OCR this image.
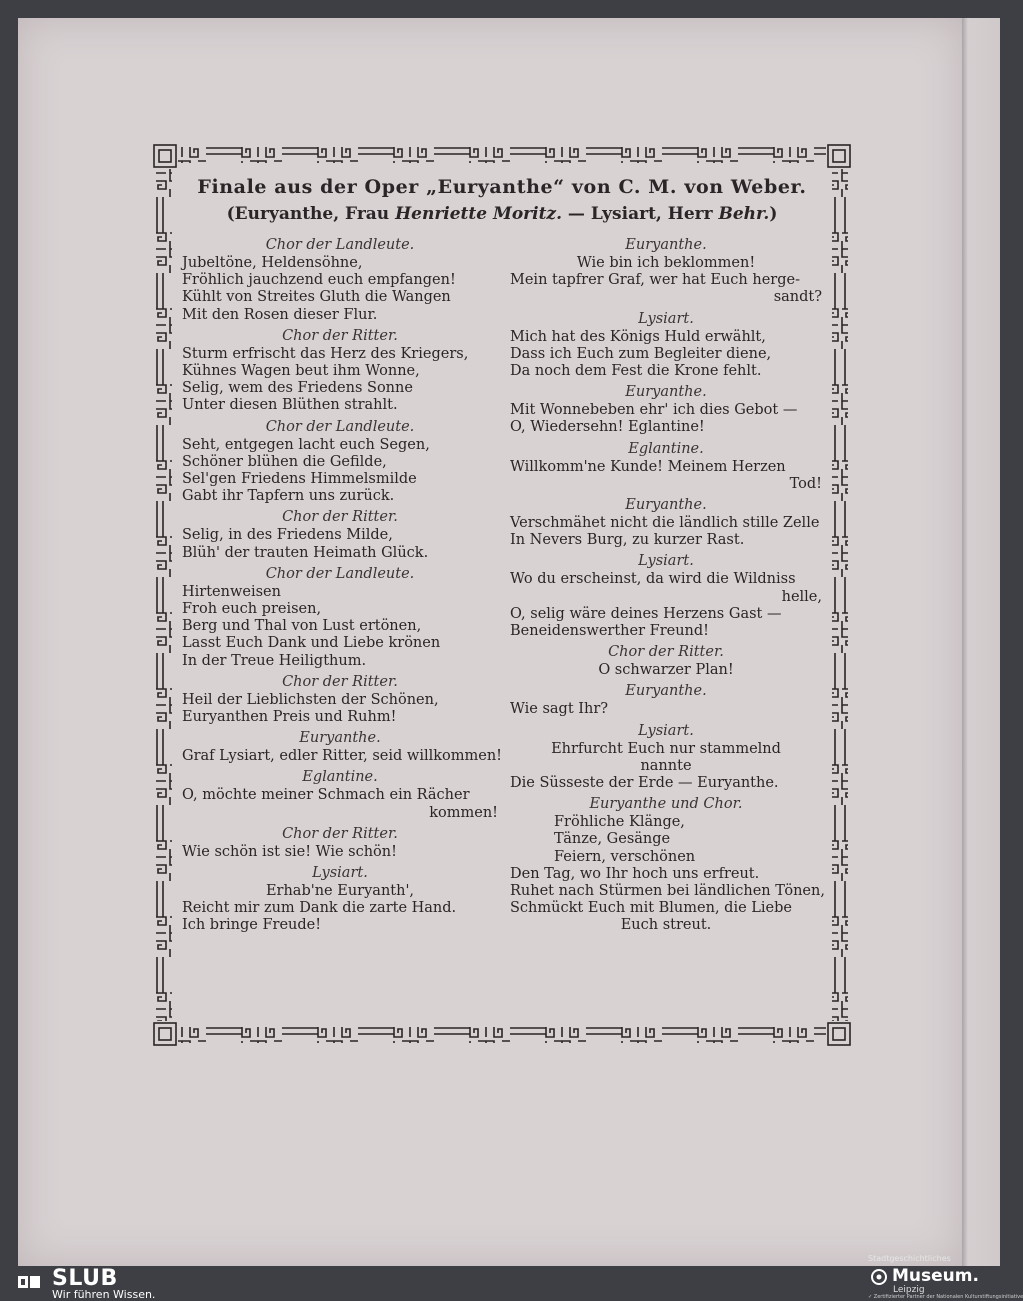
Finale aus der Oper „Euryanthe“ von C. M. von Weber.
(Euryanthe, Frau Henriette Moritz. — Lysiart, Herr Behr.)
Chor der Landleute.
Jubeltöne, Heldensöhne,
Fröhlich jauchzend euch empfangen!
Kühlt von Streites Gluth die Wangen
Mit den Rosen dieser Flur.
Chor der Ritter.
Sturm erfrischt das Herz des Kriegers,
Kühnes Wagen beut ihm Wonne,
Selig, wem des Friedens Sonne
Unter diesen Blüthen strahlt.
Chor der Landleute.
Seht, entgegen lacht euch Segen,
Schöner blühen die Gefilde,
Sel'gen Friedens Himmelsmilde
Gabt ihr Tapfern uns zurück.
Chor der Ritter.
Selig, in des Friedens Milde,
Blüh' der trauten Heimath Glück.
Chor der Landleute.
Hirtenweisen
Froh euch preisen,
Berg und Thal von Lust ertönen,
Lasst Euch Dank und Liebe krönen
In der Treue Heiligthum.
Chor der Ritter.
Heil der Lieblichsten der Schönen,
Euryanthen Preis und Ruhm!
Euryanthe.
Graf Lysiart, edler Ritter, seid willkommen!
Eglantine.
O, möchte meiner Schmach ein Rächer
kommen!
Chor der Ritter.
Wie schön ist sie! Wie schön!
Lysiart.
Erhab'ne Euryanth',
Reicht mir zum Dank die zarte Hand.
Ich bringe Freude!
Euryanthe.
Wie bin ich beklommen!
Mein tapfrer Graf, wer hat Euch herge-
sandt?
Lysiart.
Mich hat des Königs Huld erwählt,
Dass ich Euch zum Begleiter diene,
Da noch dem Fest die Krone fehlt.
Euryanthe.
Mit Wonnebeben ehr' ich dies Gebot —
O, Wiedersehn! Eglantine!
Eglantine.
Willkomm'ne Kunde! Meinem Herzen
Tod!
Euryanthe.
Verschmähet nicht die ländlich stille Zelle
In Nevers Burg, zu kurzer Rast.
Lysiart.
Wo du erscheinst, da wird die Wildniss
helle,
O, selig wäre deines Herzens Gast —
Beneidenswerther Freund!
Chor der Ritter.
O schwarzer Plan!
Euryanthe.
Wie sagt Ihr?
Lysiart.
Ehrfurcht Euch nur stammelnd
nannte
Die Süsseste der Erde — Euryanthe.
Euryanthe und Chor.
Fröhliche Klänge,
Tänze, Gesänge
Feiern, verschönen
Den Tag, wo Ihr hoch uns erfreut.
Ruhet nach Stürmen bei ländlichen Tönen,
Schmückt Euch mit Blumen, die Liebe
Euch streut.
SLUB
Wir führen Wissen.
Stadtgeschichtliches
Museum.
Leipzig
✓ Zertifizierter Partner der Nationalen Kulturstiftungsinitiative
